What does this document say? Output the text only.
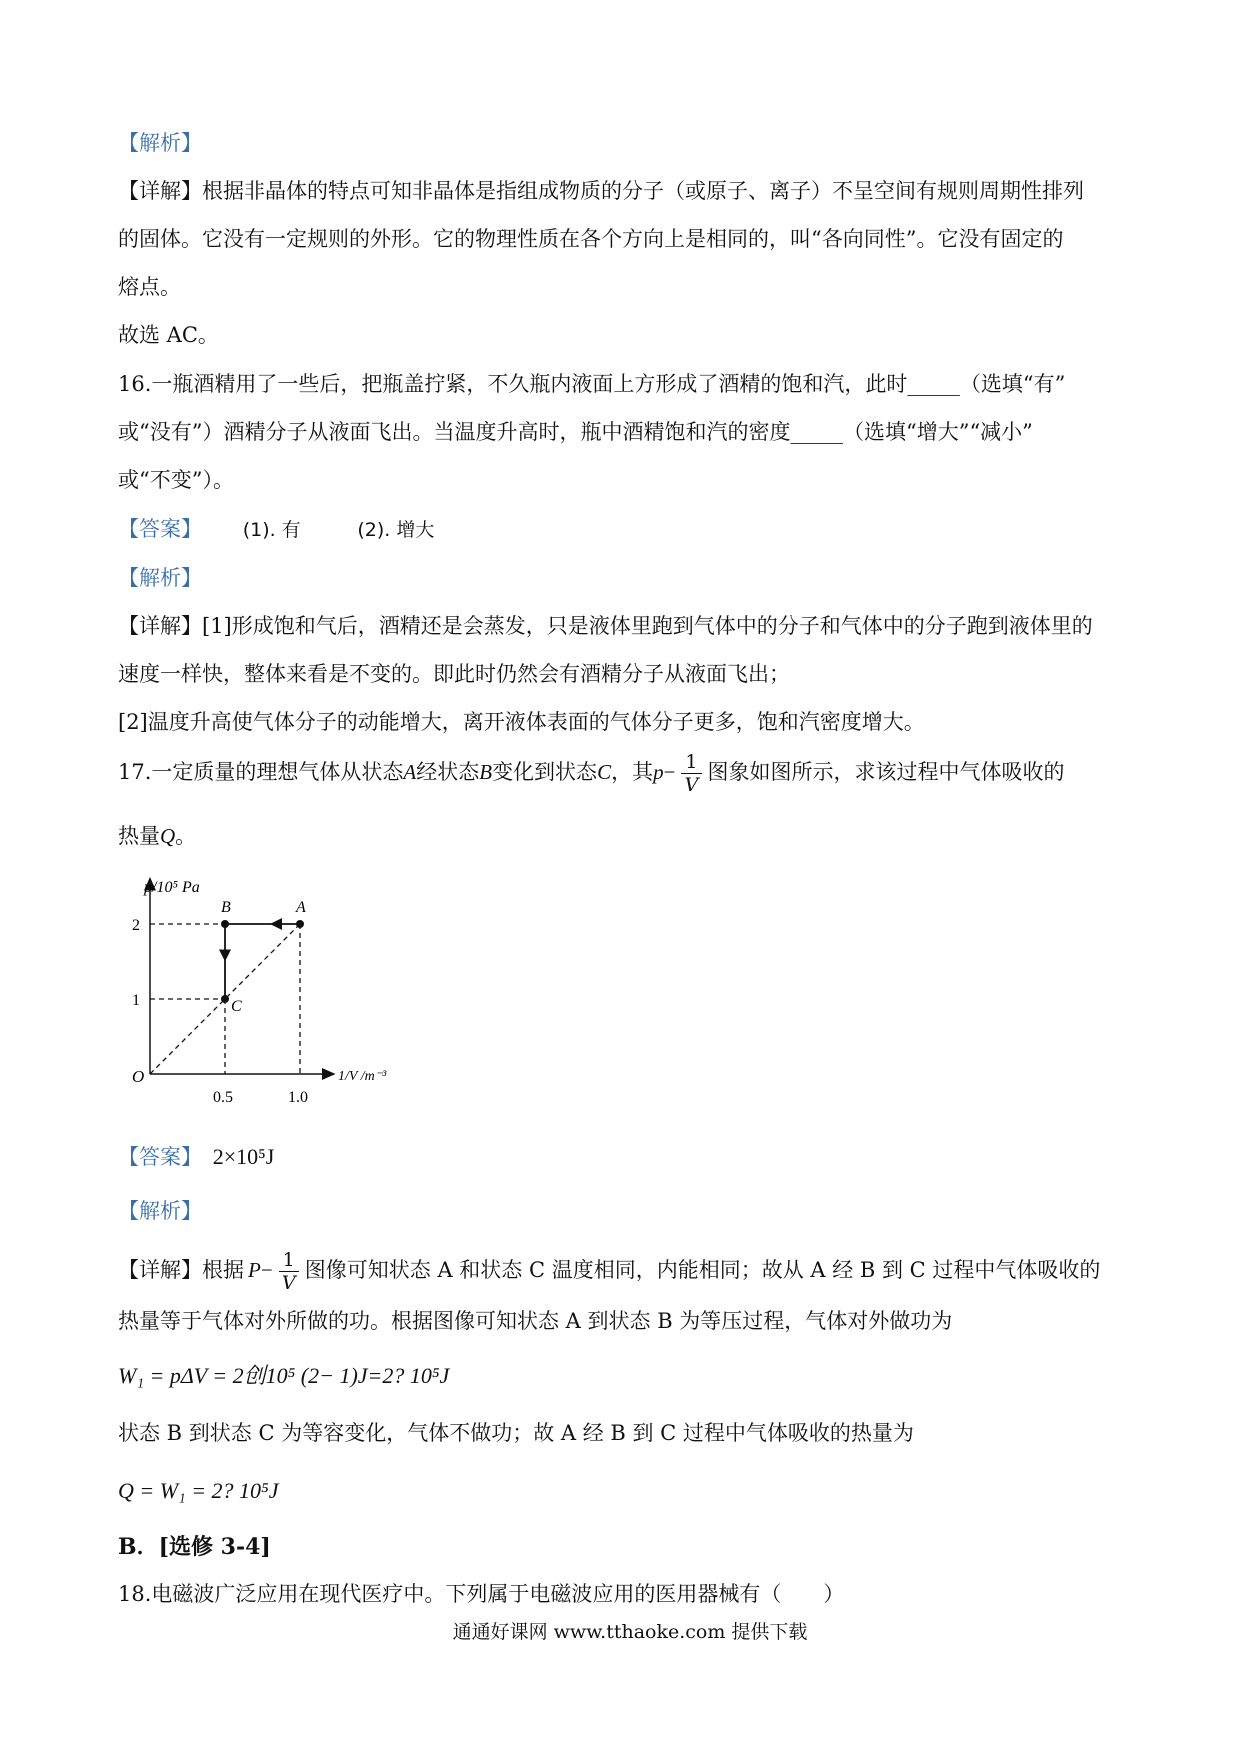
【解析】
【详解】根据非晶体的特点可知非晶体是指组成物质的分子（或原子、离子）不呈空间有规则周期性排列
的固体。它没有一定规则的外形。它的物理性质在各个方向上是相同的，叫“各向同性”。它没有固定的
熔点。
故选 AC。
16.一瓶酒精用了一些后，把瓶盖拧紧，不久瓶内液面上方形成了酒精的饱和汽，此时_____（选填“有”
或“没有”）酒精分子从液面飞出。当温度升高时，瓶中酒精饱和汽的密度_____（选填“增大”“减小”
或“不变”）。
【答案】 (1). 有	(2). 增大
【解析】
【详解】[1]形成饱和气后，酒精还是会蒸发，只是液体里跑到气体中的分子和气体中的分子跑到液体里的
速度一样快，整体来看是不变的。即此时仍然会有酒精分子从液面飞出；
[2]温度升高使气体分子的动能增大，离开液体表面的气体分子更多，饱和汽密度增大。
17.一定质量的理想气体从状态A经状态B变化到状态C，其$p- \frac{1}{V}$ 图象如图所示，求该过程中气体吸收的
热量Q。
p/10⁵ Pa
1/V /m⁻³
O
A
B
C
0.5	1.0
1
2
【答案】 2×10⁵J
【解析】
【详解】根据 $P- \frac{1}{V}$ 图像可知状态 A 和状态 C 温度相同，内能相同；故从 A 经 B 到 C 过程中气体吸收的
热量等于气体对外所做的功。根据图像可知状态 A 到状态 B 为等压过程，气体对外做功为
W₁ = pΔV = 2创10⁵ (2− 1)J=2? 10⁵J
状态 B 到状态 C 为等容变化，气体不做功；故 A 经 B 到 C 过程中气体吸收的热量为
Q = W₁ = 2? 10⁵J
B．[选修 3-4]
18.电磁波广泛应用在现代医疗中。下列属于电磁波应用的医用器械有（　　）
通通好课网 www.tthaoke.com 提供下载
